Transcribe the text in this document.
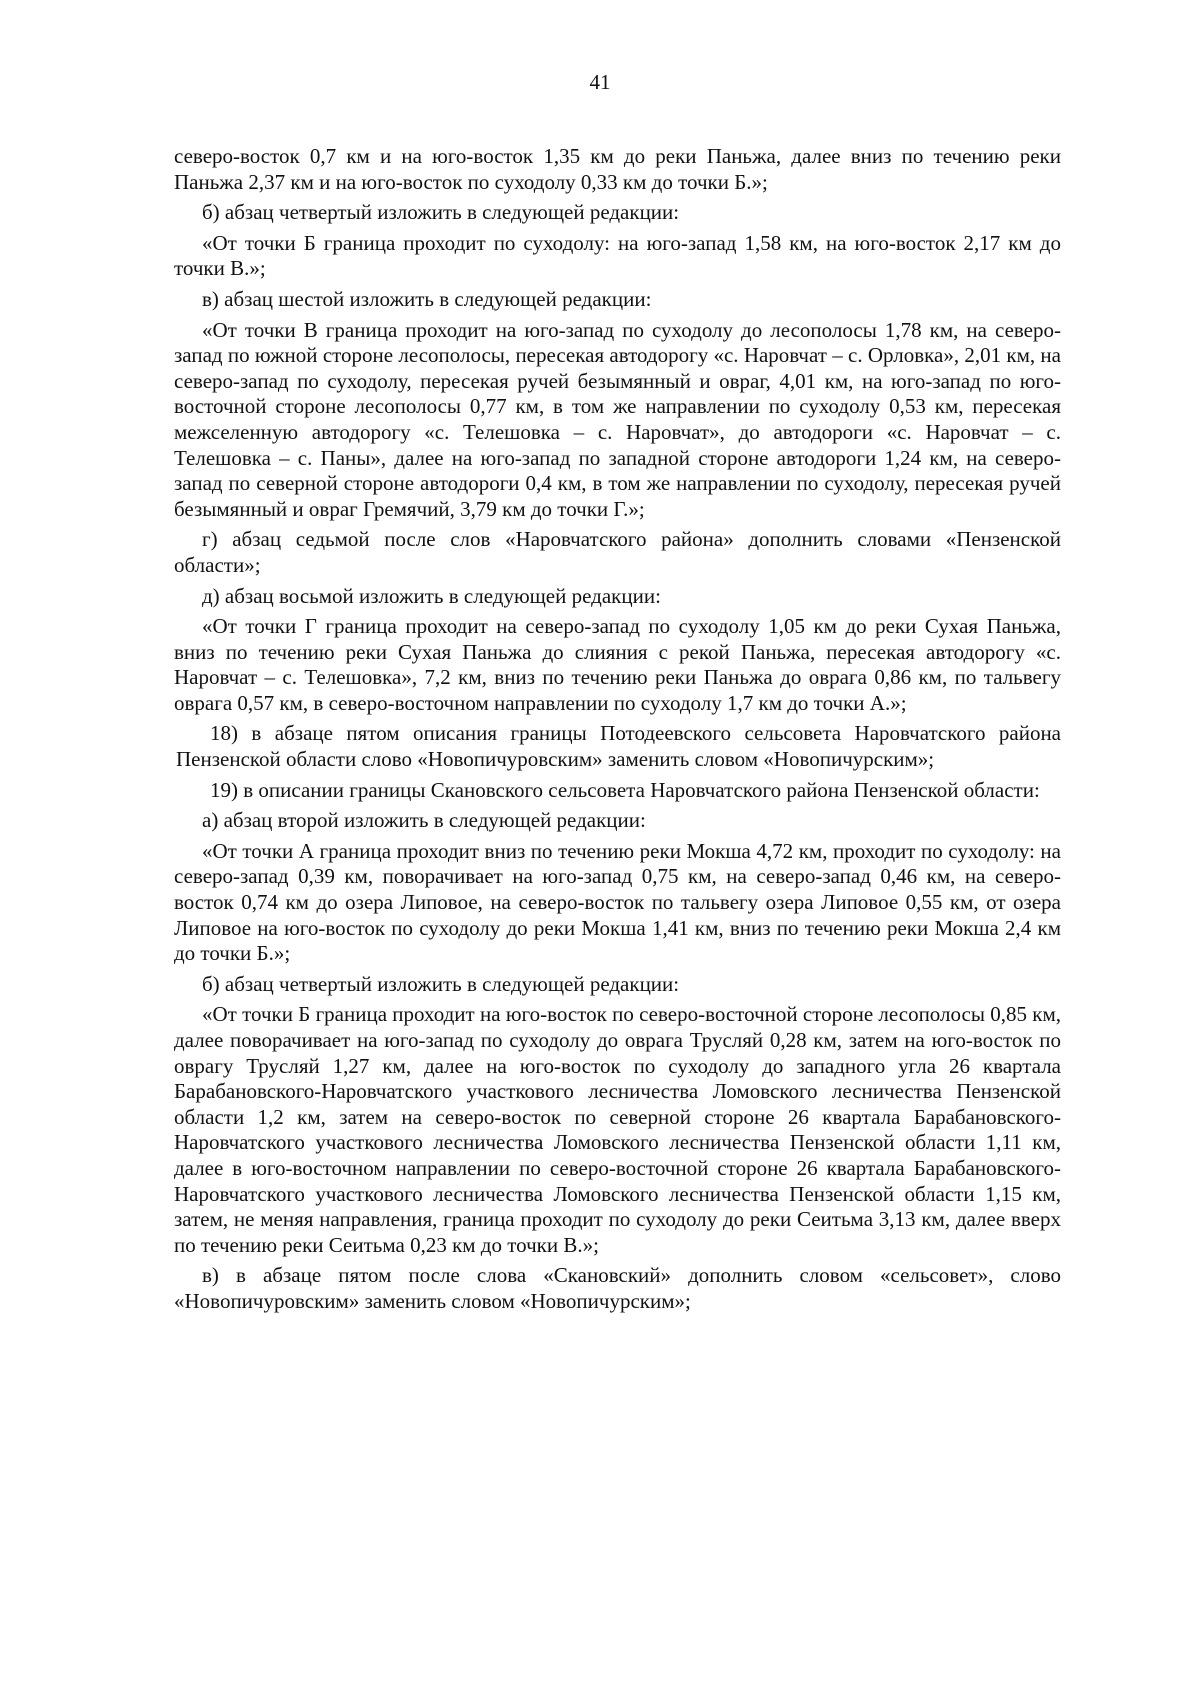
41

северо-восток 0,7 км и на юго-восток 1,35 км до реки Паньжа, далее вниз по течению реки Паньжа 2,37 км и на юго-восток по суходолу 0,33 км до точки Б.»;

б) абзац четвертый изложить в следующей редакции:

«От точки Б граница проходит по суходолу: на юго-запад 1,58 км, на юго-восток 2,17 км до точки В.»;

в) абзац шестой изложить в следующей редакции:

«От точки В граница проходит на юго-запад по суходолу до лесополосы 1,78 км, на северо-запад по южной стороне лесополосы, пересекая автодорогу «с. Наровчат – с. Орловка», 2,01 км, на северо-запад по суходолу, пересекая ручей безымянный и овраг, 4,01 км, на юго-запад по юго-восточной стороне лесополосы 0,77 км, в том же направлении по суходолу 0,53 км, пересекая межселенную автодорогу «с. Телешовка – с. Наровчат», до автодороги «с. Наровчат – с. Телешовка – с. Паны», далее на юго-запад по западной стороне автодороги 1,24 км, на северо-запад по северной стороне автодороги 0,4 км, в том же направлении по суходолу, пересекая ручей безымянный и овраг Гремячий, 3,79 км до точки Г.»;

г) абзац седьмой после слов «Наровчатского района» дополнить словами «Пензенской области»;

д) абзац восьмой изложить в следующей редакции:

«От точки Г граница проходит на северо-запад по суходолу 1,05 км до реки Сухая Паньжа, вниз по течению реки Сухая Паньжа до слияния с рекой Паньжа, пересекая автодорогу «с. Наровчат – с. Телешовка», 7,2 км, вниз по течению реки Паньжа до оврага 0,86 км, по тальвегу оврага 0,57 км, в северо-восточном направлении по суходолу 1,7 км до точки А.»;

18) в абзаце пятом описания границы Потодеевского сельсовета Наровчатского района Пензенской области слово «Новопичуровским» заменить словом «Новопичурским»;

19) в описании границы Скановского сельсовета Наровчатского района Пензенской области:

а) абзац второй изложить в следующей редакции:

«От точки А граница проходит вниз по течению реки Мокша 4,72 км, проходит по суходолу: на северо-запад 0,39 км, поворачивает на юго-запад 0,75 км, на северо-запад 0,46 км, на северо-восток 0,74 км до озера Липовое, на северо-восток по тальвегу озера Липовое 0,55 км, от озера Липовое на юго-восток по суходолу до реки Мокша 1,41 км, вниз по течению реки Мокша 2,4 км до точки Б.»;

б) абзац четвертый изложить в следующей редакции:

«От точки Б граница проходит на юго-восток по северо-восточной стороне лесополосы 0,85 км, далее поворачивает на юго-запад по суходолу до оврага Трусляй 0,28 км, затем на юго-восток по оврагу Трусляй 1,27 км, далее на юго-восток по суходолу до западного угла 26 квартала Барабановского-Наровчатского участкового лесничества Ломовского лесничества Пензенской области 1,2 км, затем на северо-восток по северной стороне 26 квартала Барабановского-Наровчатского участкового лесничества Ломовского лесничества Пензенской области 1,11 км, далее в юго-восточном направлении по северо-восточной стороне 26 квартала Барабановского-Наровчатского участкового лесничества Ломовского лесничества Пензенской области 1,15 км, затем, не меняя направления, граница проходит по суходолу до реки Сеитьма 3,13 км, далее вверх по течению реки Сеитьма 0,23 км до точки В.»;

в) в абзаце пятом после слова «Скановский» дополнить словом «сельсовет», слово «Новопичуровским» заменить словом «Новопичурским»;
